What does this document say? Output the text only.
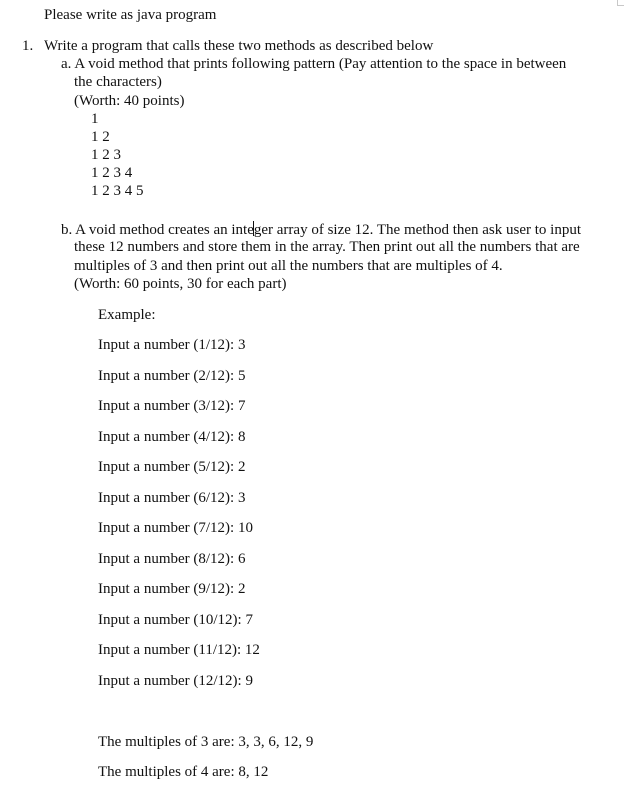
Please write as java program
1. Write a program that calls these two methods as described below
a. A void method that prints following pattern (Pay attention to the space in between
the characters)
(Worth: 40 points)
1
1 2
1 2 3
1 2 3 4
1 2 3 4 5
b. A void method creates an integer array of size 12. The method then ask user to input
these 12 numbers and store them in the array. Then print out all the numbers that are
multiples of 3 and then print out all the numbers that are multiples of 4.
(Worth: 60 points, 30 for each part)
Example:
Input a number (1/12): 3
Input a number (2/12): 5
Input a number (3/12): 7
Input a number (4/12): 8
Input a number (5/12): 2
Input a number (6/12): 3
Input a number (7/12): 10
Input a number (8/12): 6
Input a number (9/12): 2
Input a number (10/12): 7
Input a number (11/12): 12
Input a number (12/12): 9
The multiples of 3 are: 3, 3, 6, 12, 9
The multiples of 4 are: 8, 12
